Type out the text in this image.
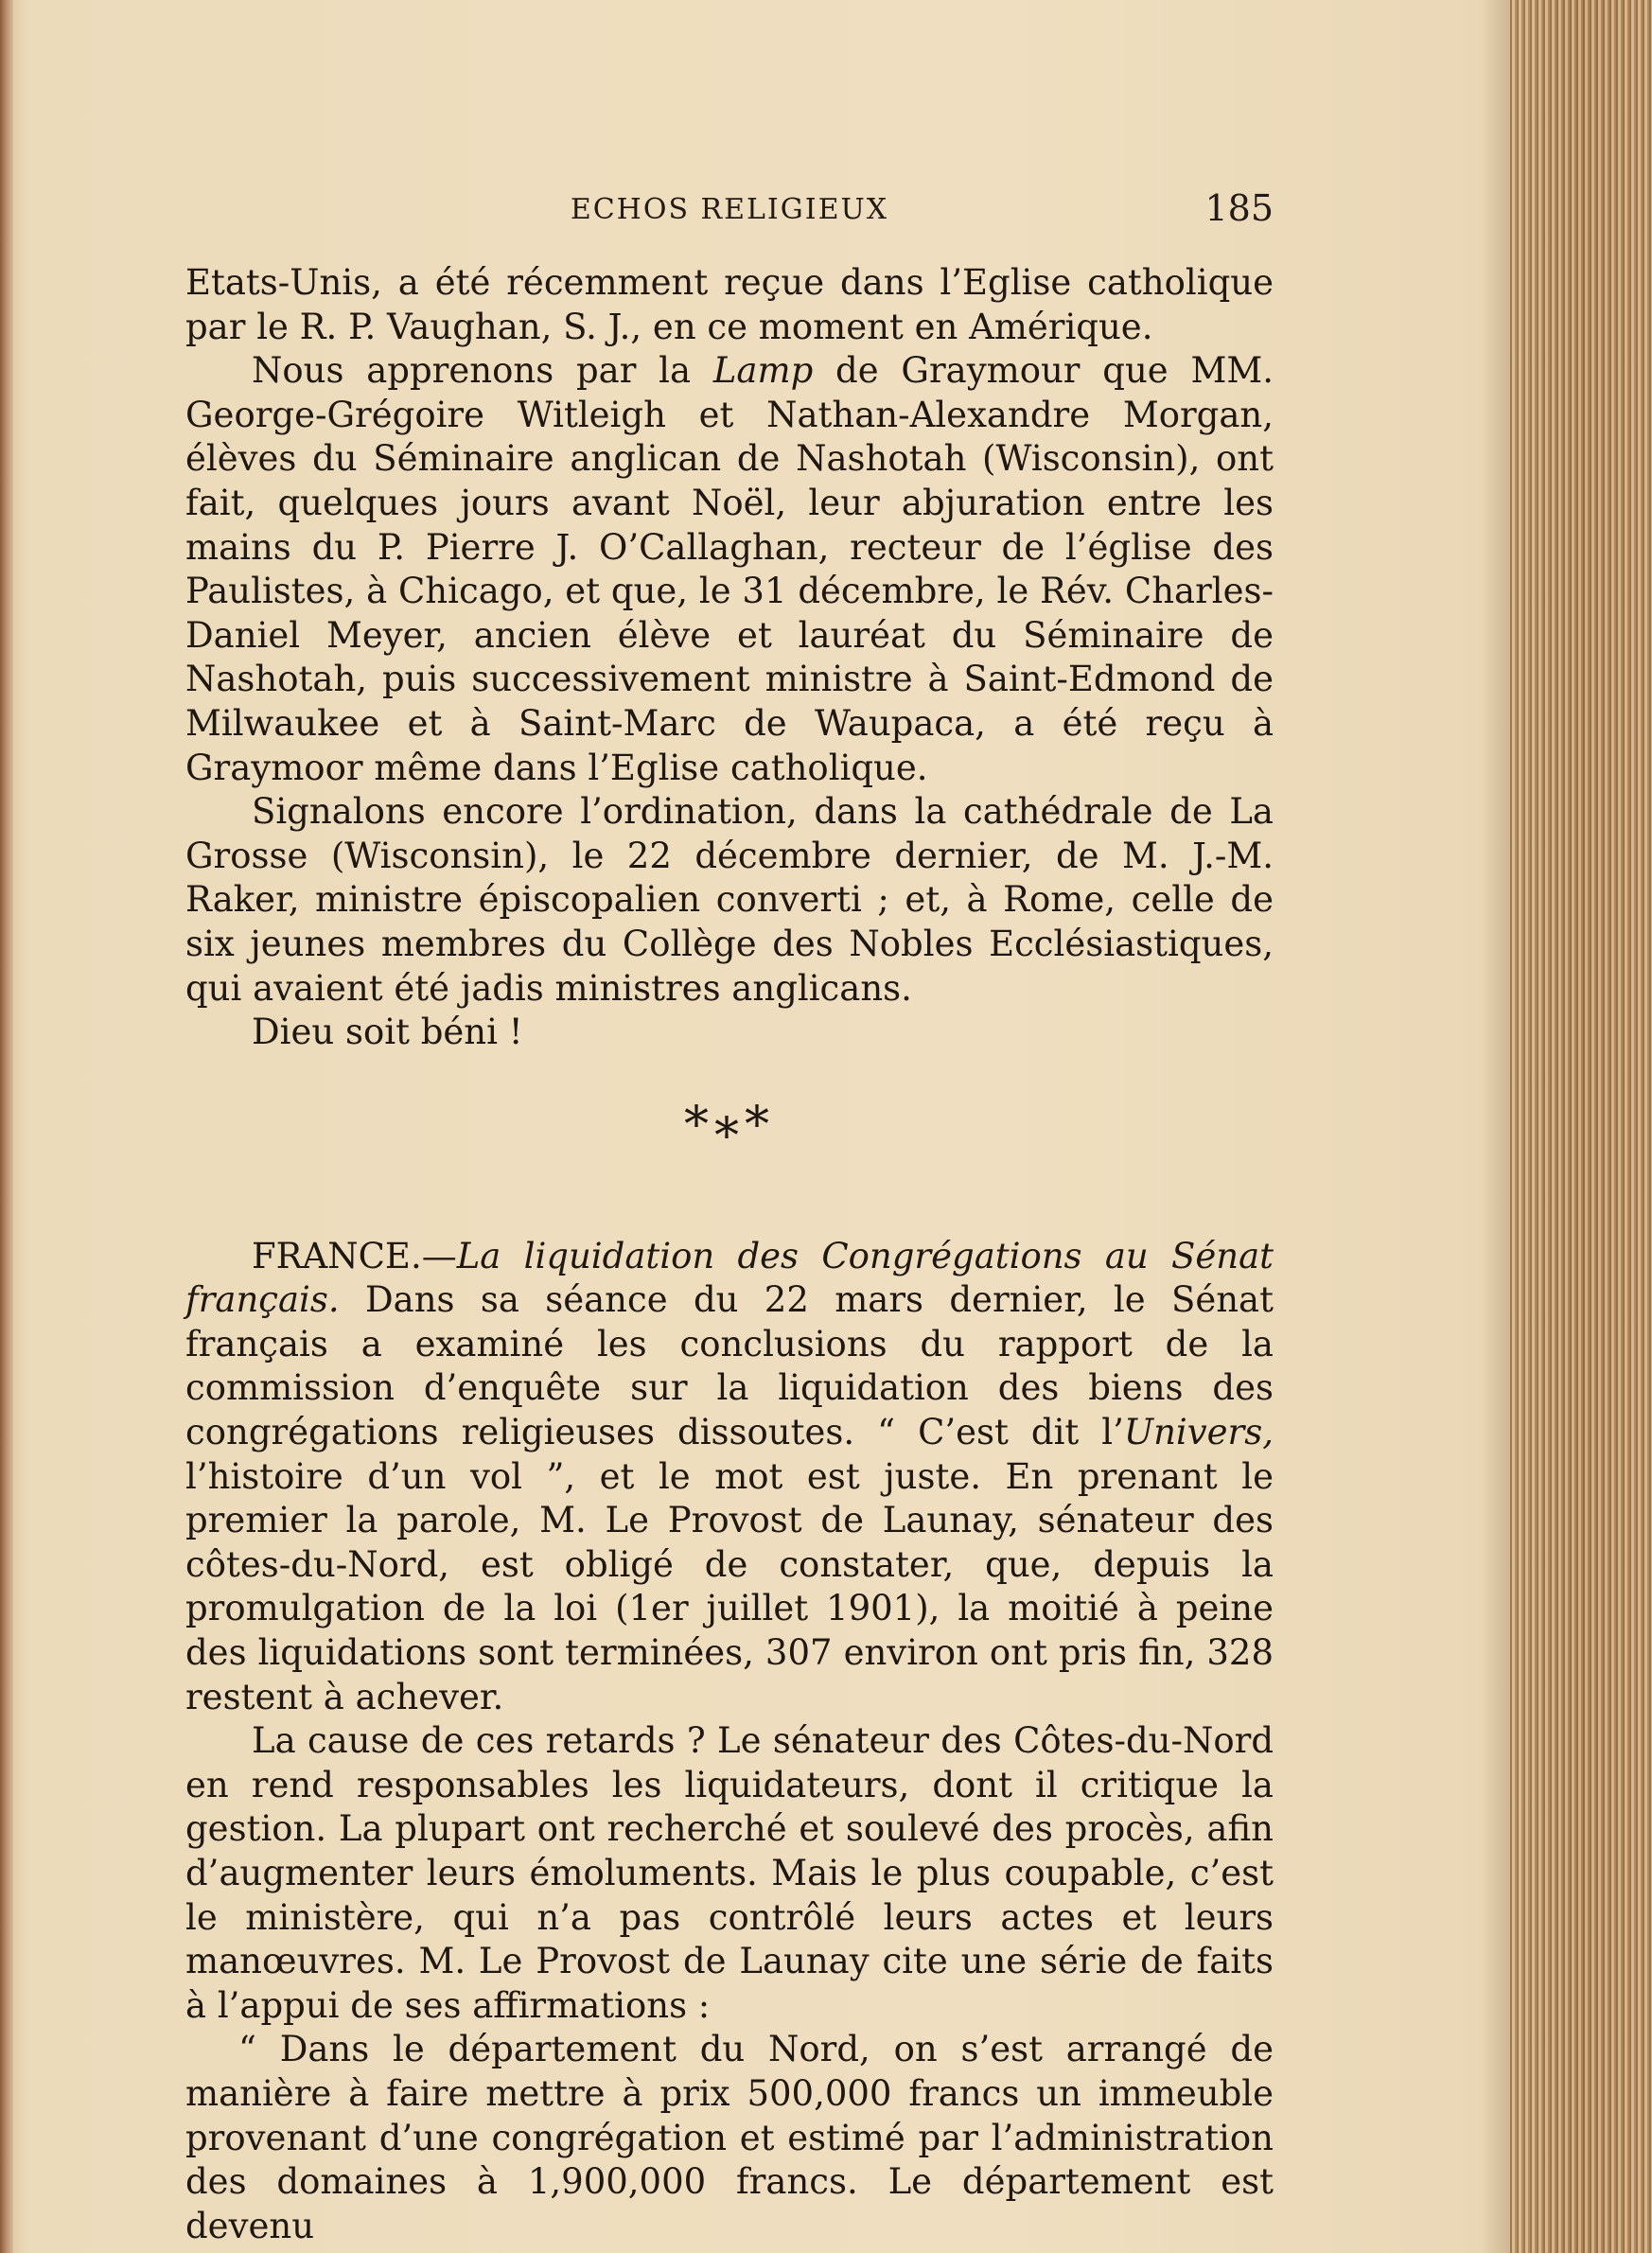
ECHOS RELIGIEUX	185

Etats-Unis, a été récemment reçue dans l’Eglise catholique par le R. P. Vaughan, S. J., en ce moment en Amérique.

Nous apprenons par la Lamp de Graymour que MM. George-Grégoire Witleigh et Nathan-Alexandre Morgan, élèves du Séminaire anglican de Nashotah (Wisconsin), ont fait, quelques jours avant Noël, leur abjuration entre les mains du P. Pierre J. O’Callaghan, recteur de l’église des Paulistes, à Chicago, et que, le 31 décembre, le Rév. Charles-Daniel Meyer, ancien élève et lauréat du Séminaire de Nashotah, puis successivement ministre à Saint-Edmond de Milwaukee et à Saint-Marc de Waupaca, a été reçu à Graymoor même dans l’Eglise catholique.

Signalons encore l’ordination, dans la cathédrale de La Grosse (Wisconsin), le 22 décembre dernier, de M. J.-M. Raker, ministre épiscopalien converti ; et, à Rome, celle de six jeunes membres du Collège des Nobles Ecclésiastiques, qui avaient été jadis ministres anglicans.

Dieu soit béni !

***

FRANCE.—La liquidation des Congrégations au Sénat français. Dans sa séance du 22 mars dernier, le Sénat français a examiné les conclusions du rapport de la commission d’enquête sur la liquidation des biens des congrégations religieuses dissoutes. “ C’est dit l’Univers, l’histoire d’un vol ”, et le mot est juste. En prenant le premier la parole, M. Le Provost de Launay, sénateur des côtes-du-Nord, est obligé de constater, que, depuis la promulgation de la loi (1er juillet 1901), la moitié à peine des liquidations sont terminées, 307 environ ont pris fin, 328 restent à achever.

La cause de ces retards ? Le sénateur des Côtes-du-Nord en rend responsables les liquidateurs, dont il critique la gestion. La plupart ont recherché et soulevé des procès, afin d’augmenter leurs émoluments. Mais le plus coupable, c’est le ministère, qui n’a pas contrôlé leurs actes et leurs manœuvres. M. Le Provost de Launay cite une série de faits à l’appui de ses affirmations :

“ Dans le département du Nord, on s’est arrangé de manière à faire mettre à prix 500,000 francs un immeuble provenant d’une congrégation et estimé par l’administration des domaines à 1,900,000 francs. Le département est devenu
